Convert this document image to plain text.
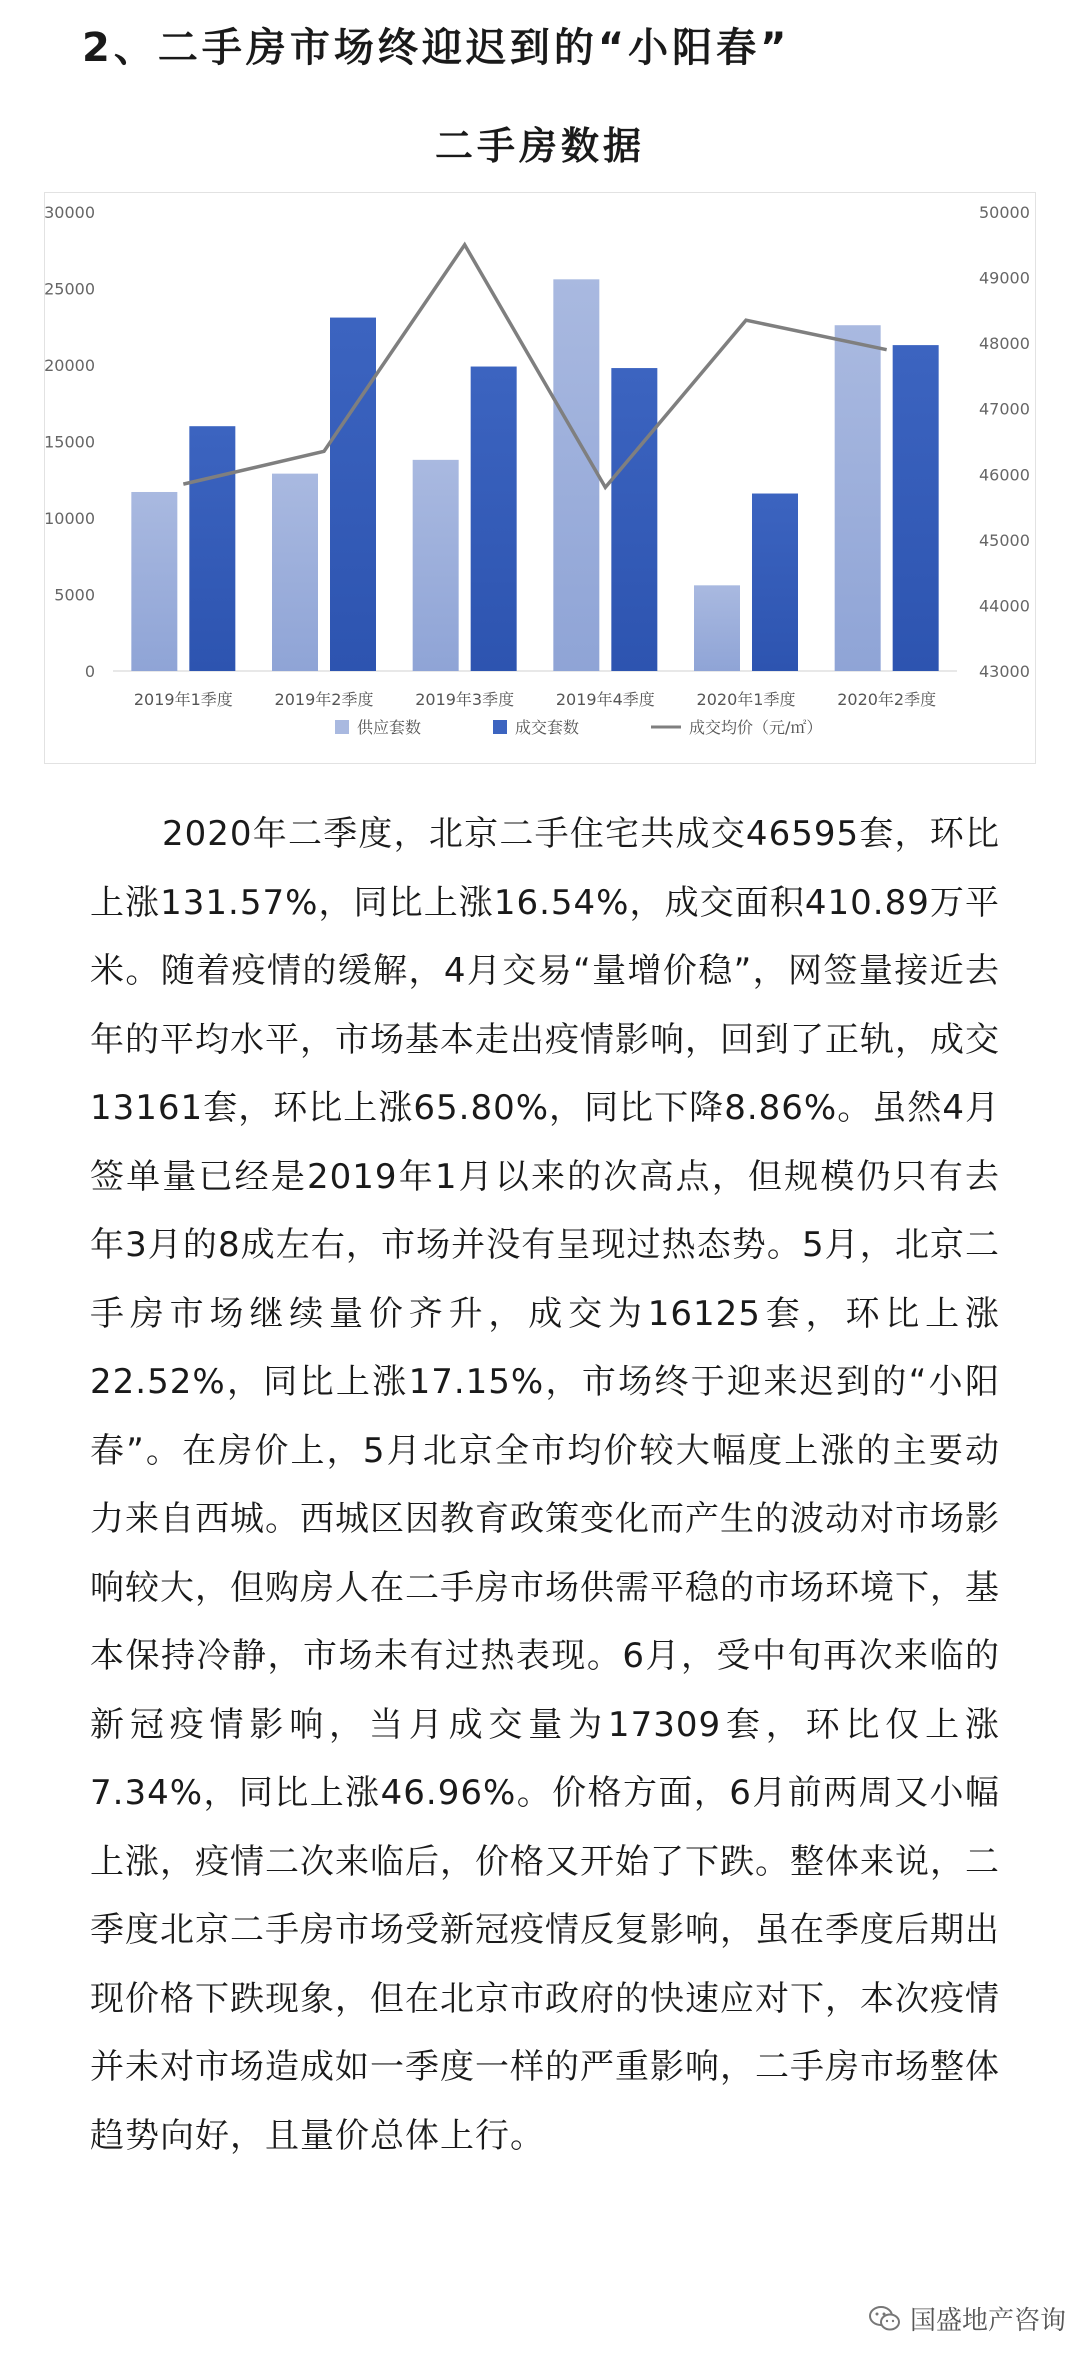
2、二手房市场终迎迟到的“小阳春”
二手房数据
0
5000
10000
15000
20000
25000
30000
43000
44000
45000
46000
47000
48000
49000
50000
2019年1季度	2019年2季度	2019年3季度	2019年4季度	2020年1季度	2020年2季度
供应套数	成交套数	成交均价（元/㎡）

2020年二季度，北京二手住宅共成交46595套，环比上涨131.57%，同比上涨16.54%，成交面积410.89万平米。随着疫情的缓解，4月交易“量增价稳”，网签量接近去年的平均水平，市场基本走出疫情影响，回到了正轨，成交13161套，环比上涨65.80%，同比下降8.86%。虽然4月签单量已经是2019年1月以来的次高点，但规模仍只有去年3月的8成左右，市场并没有呈现过热态势。5月，北京二手房市场继续量价齐升，成交为16125套，环比上涨22.52%，同比上涨17.15%，市场终于迎来迟到的“小阳春”。在房价上，5月北京全市均价较大幅度上涨的主要动力来自西城。西城区因教育政策变化而产生的波动对市场影响较大，但购房人在二手房市场供需平稳的市场环境下，基本保持冷静，市场未有过热表现。6月，受中旬再次来临的新冠疫情影响，当月成交量为17309套，环比仅上涨7.34%，同比上涨46.96%。价格方面，6月前两周又小幅上涨，疫情二次来临后，价格又开始了下跌。整体来说，二季度北京二手房市场受新冠疫情反复影响，虽在季度后期出现价格下跌现象，但在北京市政府的快速应对下，本次疫情并未对市场造成如一季度一样的严重影响，二手房市场整体趋势向好，且量价总体上行。

国盛地产咨询
